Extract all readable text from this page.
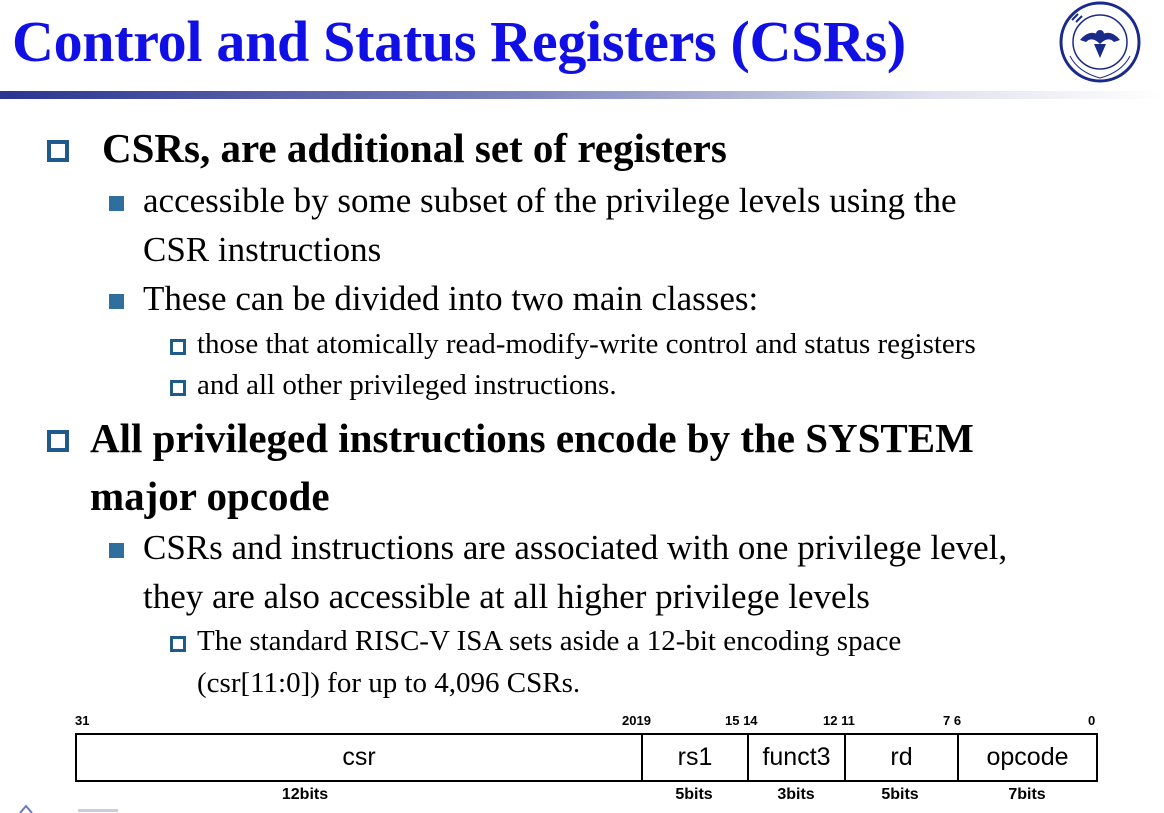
Control and Status Registers (CSRs)
CSRs, are additional set of registers
accessible by some subset of the privilege levels using the
CSR instructions
These can be divided into two main classes:
those that atomically read-modify-write control and status registers
and all other privileged instructions.
All privileged instructions encode by the SYSTEM
major opcode
CSRs and instructions are associated with one privilege level,
they are also accessible at all higher privilege levels
The standard RISC-V ISA sets aside a 12-bit encoding space
(csr[11:0]) for up to 4,096 CSRs.
31	2019	15 14	12 11	7 6	0
csr	rs1	funct3	rd	opcode
12bits	5bits	3bits	5bits	7bits
